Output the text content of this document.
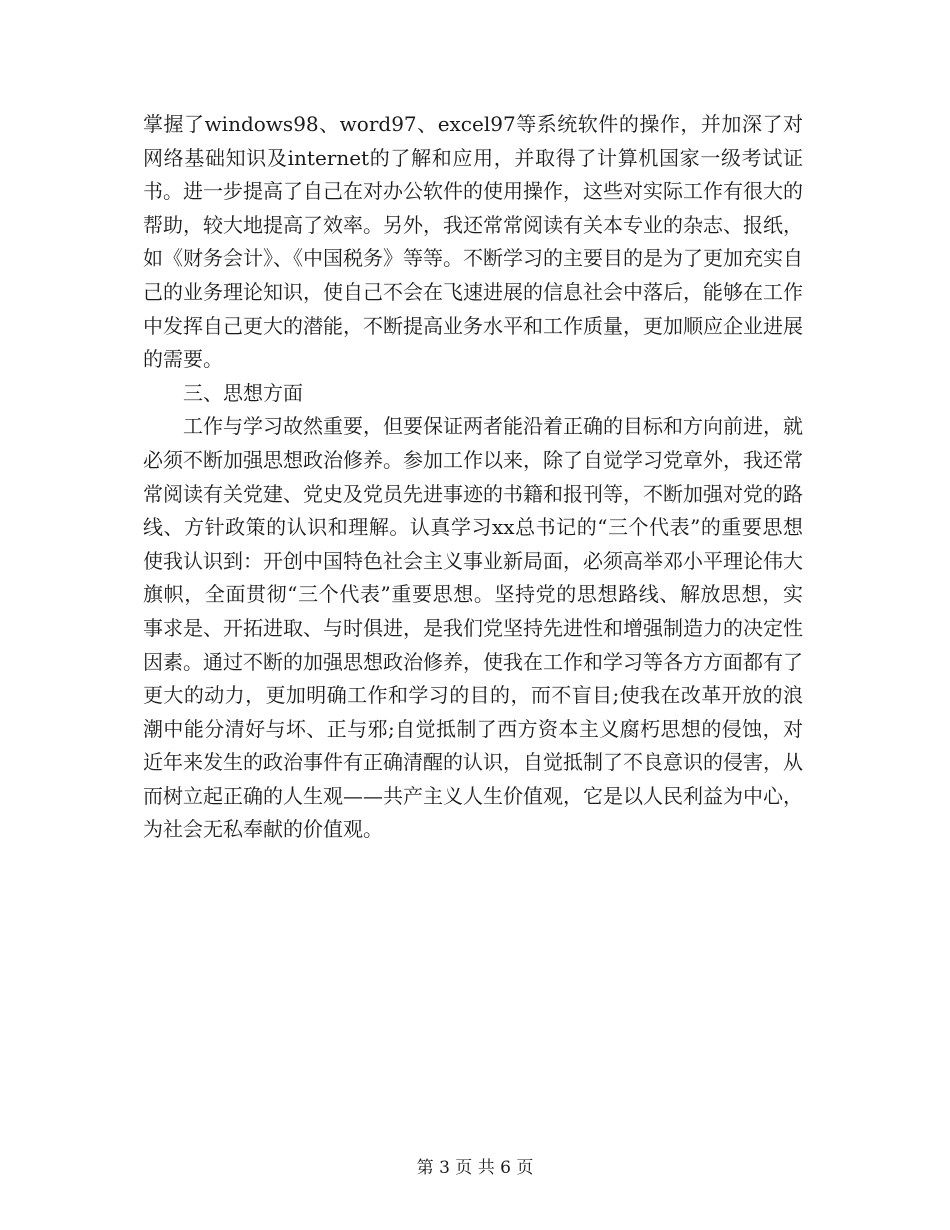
掌握了windows98、word97、excel97等系统软件的操作，并加深了对网络基础知识及internet的了解和应用，并取得了计算机国家一级考试证书。进一步提高了自己在对办公软件的使用操作，这些对实际工作有很大的帮助，较大地提高了效率。另外，我还常常阅读有关本专业的杂志、报纸，如《财务会计》、《中国税务》等等。不断学习的主要目的是为了更加充实自己的业务理论知识，使自己不会在飞速进展的信息社会中落后，能够在工作中发挥自己更大的潜能，不断提高业务水平和工作质量，更加顺应企业进展的需要。

三、思想方面

工作与学习故然重要，但要保证两者能沿着正确的目标和方向前进，就必须不断加强思想政治修养。参加工作以来，除了自觉学习党章外，我还常常阅读有关党建、党史及党员先进事迹的书籍和报刊等，不断加强对党的路线、方针政策的认识和理解。认真学习xx总书记的“三个代表”的重要思想使我认识到：开创中国特色社会主义事业新局面，必须高举邓小平理论伟大旗帜，全面贯彻“三个代表”重要思想。坚持党的思想路线、解放思想，实事求是、开拓进取、与时俱进，是我们党坚持先进性和增强制造力的决定性因素。通过不断的加强思想政治修养，使我在工作和学习等各方方面都有了更大的动力，更加明确工作和学习的目的，而不盲目;使我在改革开放的浪潮中能分清好与坏、正与邪;自觉抵制了西方资本主义腐朽思想的侵蚀，对近年来发生的政治事件有正确清醒的认识，自觉抵制了不良意识的侵害，从而树立起正确的人生观——共产主义人生价值观，它是以人民利益为中心，为社会无私奉献的价值观。

第 3 页 共 6 页
